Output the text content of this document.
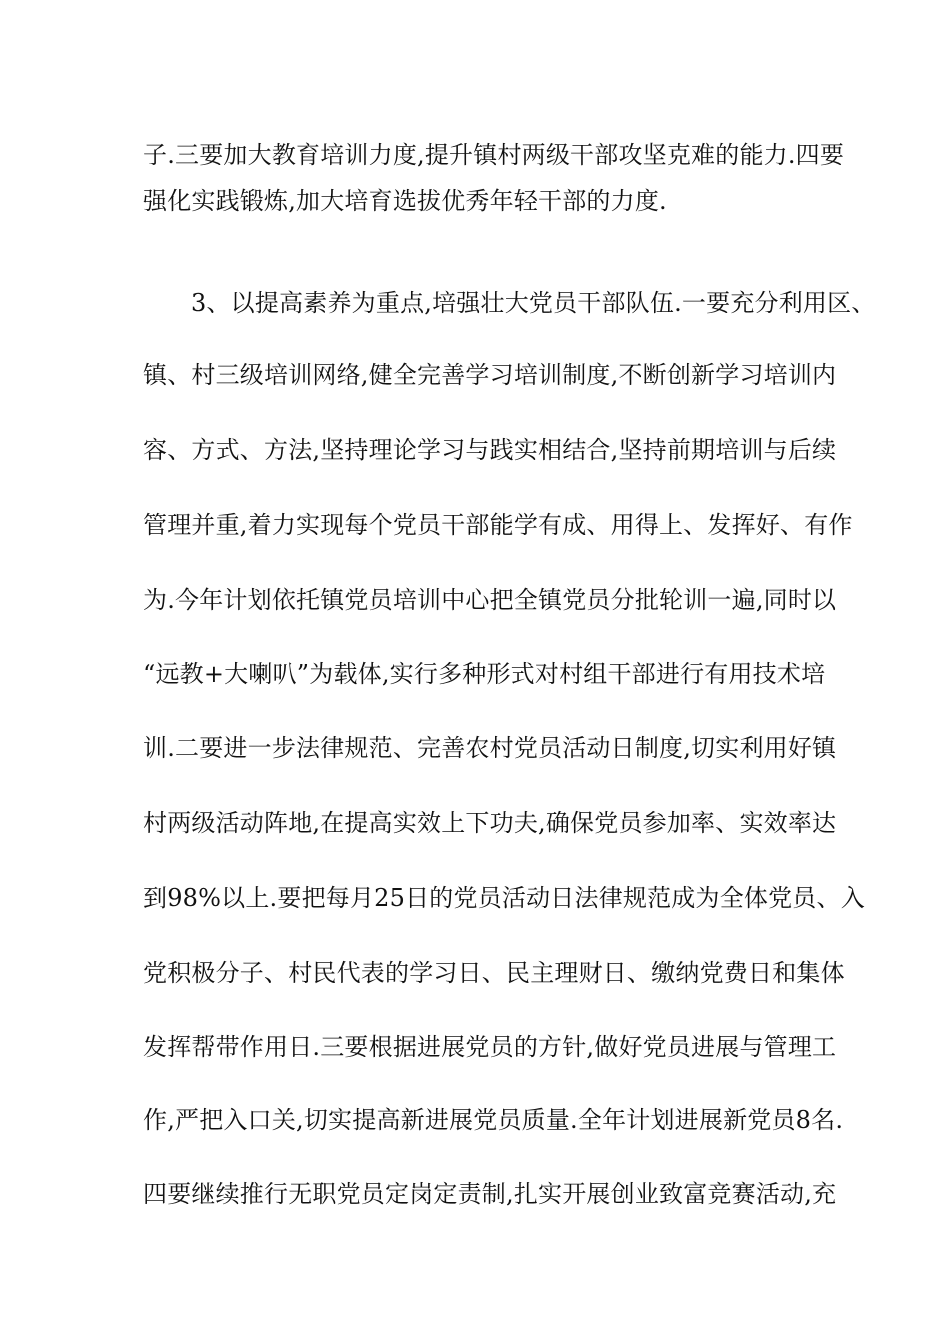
子.三要加大教育培训力度,提升镇村两级干部攻坚克难的能力.四要
强化实践锻炼,加大培育选拔优秀年轻干部的力度.
3、以提高素养为重点,培强壮大党员干部队伍.一要充分利用区、
镇、村三级培训网络,健全完善学习培训制度,不断创新学习培训内
容、方式、方法,坚持理论学习与践实相结合,坚持前期培训与后续
管理并重,着力实现每个党员干部能学有成、用得上、发挥好、有作
为.今年计划依托镇党员培训中心把全镇党员分批轮训一遍,同时以
“远教+大喇叭”为载体,实行多种形式对村组干部进行有用技术培
训.二要进一步法律规范、完善农村党员活动日制度,切实利用好镇
村两级活动阵地,在提高实效上下功夫,确保党员参加率、实效率达
到98%以上.要把每月25日的党员活动日法律规范成为全体党员、入
党积极分子、村民代表的学习日、民主理财日、缴纳党费日和集体
发挥帮带作用日.三要根据进展党员的方针,做好党员进展与管理工
作,严把入口关,切实提高新进展党员质量.全年计划进展新党员8名.
四要继续推行无职党员定岗定责制,扎实开展创业致富竞赛活动,充
